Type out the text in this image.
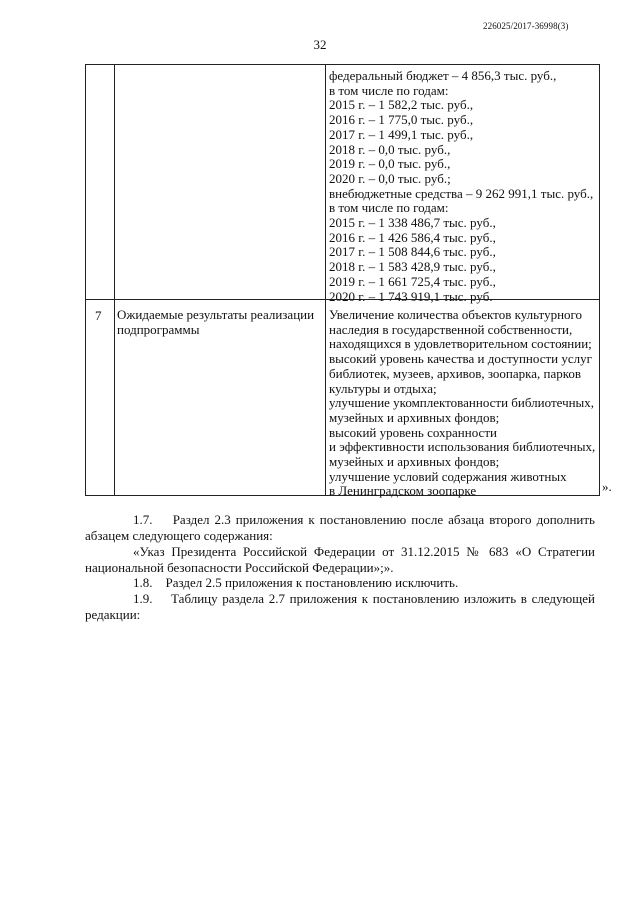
226025/2017-36998(3)
32
федеральный бюджет – 4 856,3 тыс. руб.,
в том числе по годам:
2015 г. – 1 582,2 тыс. руб.,
2016 г. – 1 775,0 тыс. руб.,
2017 г. – 1 499,1 тыс. руб.,
2018 г. – 0,0 тыс. руб.,
2019 г. – 0,0 тыс. руб.,
2020 г. – 0,0 тыс. руб.;
внебюджетные средства – 9 262 991,1 тыс. руб.,
в том числе по годам:
2015 г. – 1 338 486,7 тыс. руб.,
2016 г. – 1 426 586,4 тыс. руб.,
2017 г. – 1 508 844,6 тыс. руб.,
2018 г. – 1 583 428,9 тыс. руб.,
2019 г. – 1 661 725,4 тыс. руб.,
2020 г. – 1 743 919,1 тыс. руб.
7 Ожидаемые результаты реализации
подпрограммы
Увеличение количества объектов культурного
наследия в государственной собственности,
находящихся в удовлетворительном состоянии;
высокий уровень качества и доступности услуг
библиотек, музеев, архивов, зоопарка, парков
культуры и отдыха;
улучшение укомплектованности библиотечных,
музейных и архивных фондов;
высокий уровень сохранности
и эффективности использования библиотечных,
музейных и архивных фондов;
улучшение условий содержания животных
в Ленинградском зоопарке	».
1.7.    Раздел 2.3 приложения к постановлению после абзаца второго дополнить абзацем следующего содержания:
«Указ Президента Российской Федерации от 31.12.2015 № 683 «О Стратегии национальной безопасности Российской Федерации»;».
1.8.    Раздел 2.5 приложения к постановлению исключить.
1.9.    Таблицу раздела 2.7 приложения к постановлению изложить в следующей редакции:
